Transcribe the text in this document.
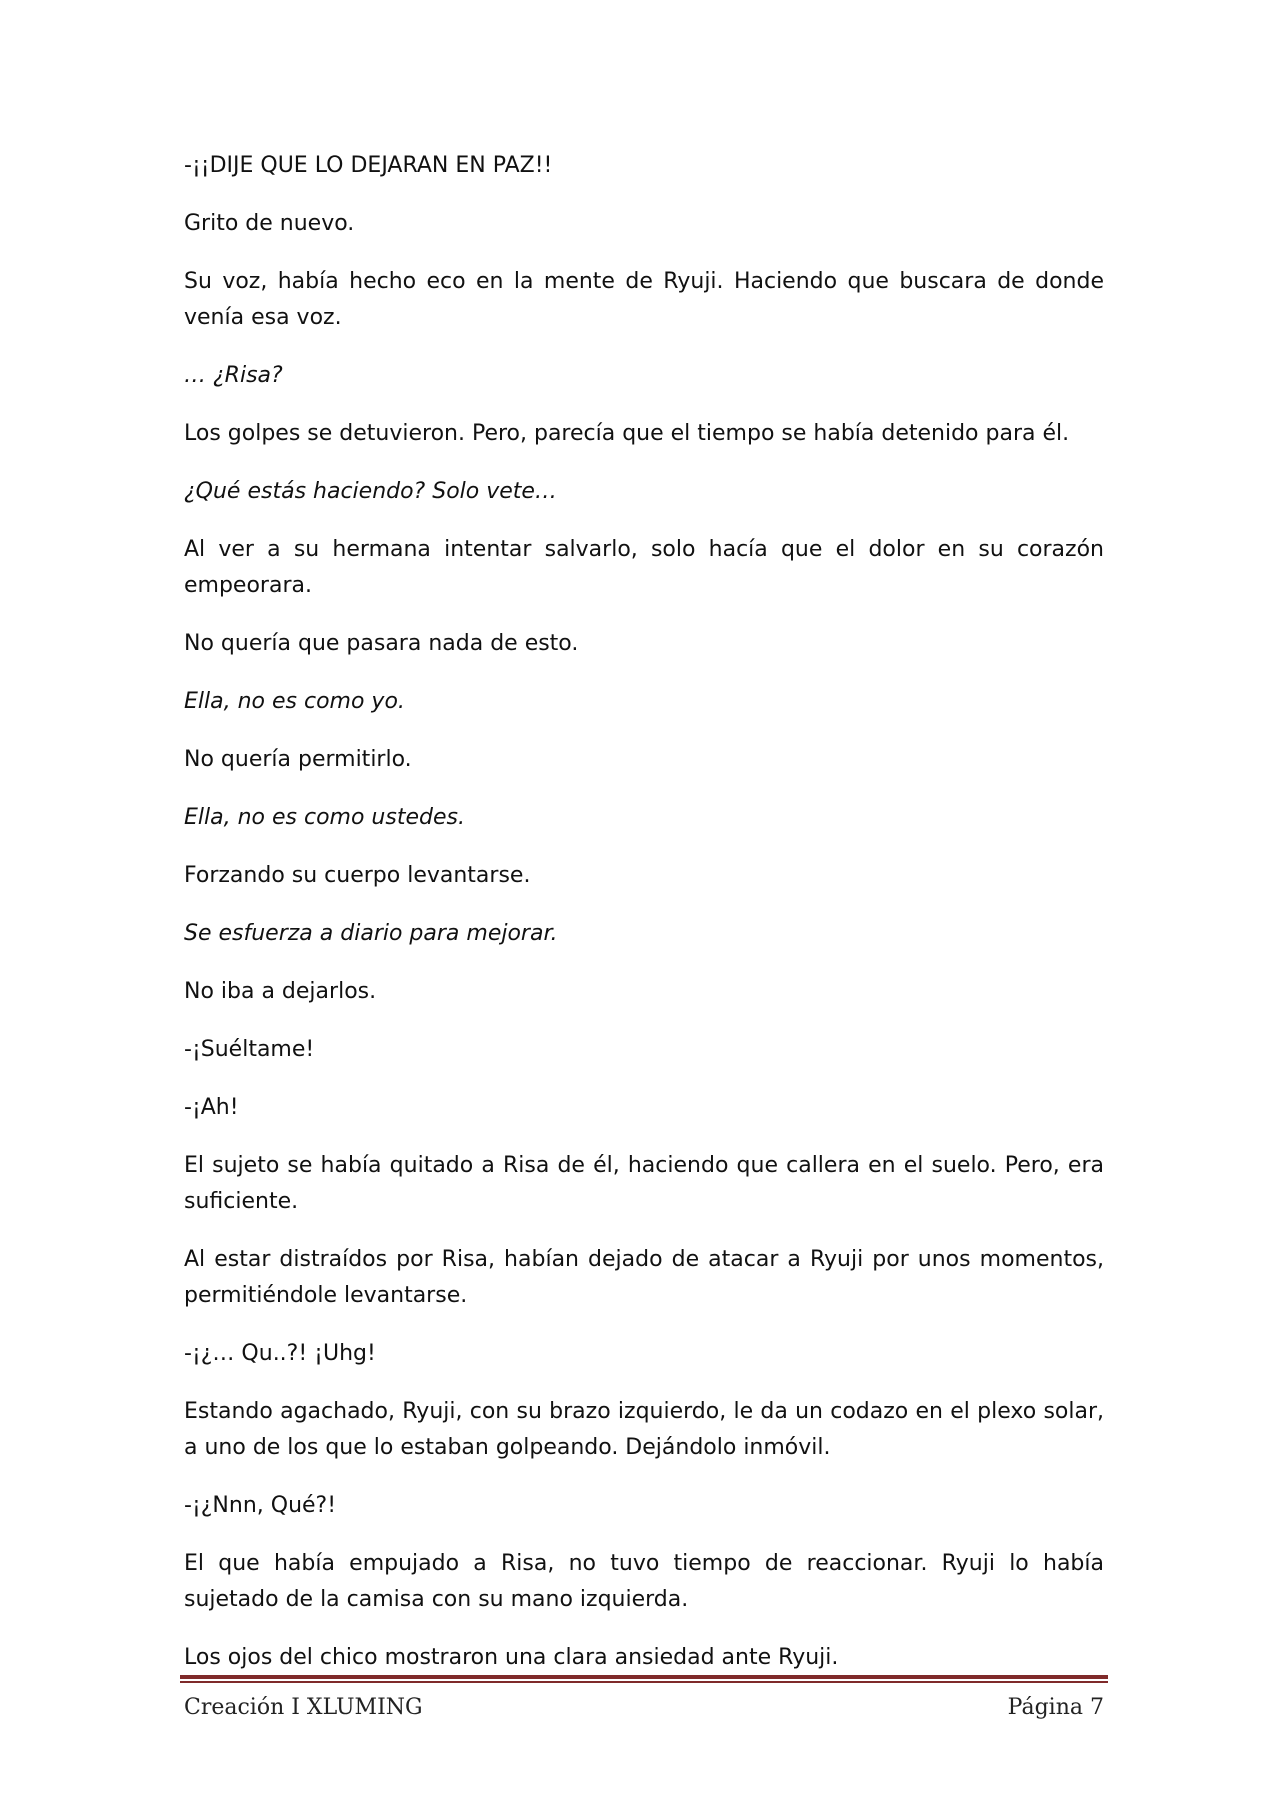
-¡¡DIJE QUE LO DEJARAN EN PAZ!!

Grito de nuevo.

Su voz, había hecho eco en la mente de Ryuji. Haciendo que buscara de donde venía esa voz.

… ¿Risa?

Los golpes se detuvieron. Pero, parecía que el tiempo se había detenido para él.

¿Qué estás haciendo? Solo vete…

Al ver a su hermana intentar salvarlo, solo hacía que el dolor en su corazón empeorara.

No quería que pasara nada de esto.

Ella, no es como yo.

No quería permitirlo.

Ella, no es como ustedes.

Forzando su cuerpo levantarse.

Se esfuerza a diario para mejorar.

No iba a dejarlos.

-¡Suéltame!

-¡Ah!

El sujeto se había quitado a Risa de él, haciendo que callera en el suelo. Pero, era suficiente.

Al estar distraídos por Risa, habían dejado de atacar a Ryuji por unos momentos, permitiéndole levantarse.

-¡¿… Qu..?! ¡Uhg!

Estando agachado, Ryuji, con su brazo izquierdo, le da un codazo en el plexo solar, a uno de los que lo estaban golpeando. Dejándolo inmóvil.

-¡¿Nnn, Qué?!

El que había empujado a Risa, no tuvo tiempo de reaccionar. Ryuji lo había sujetado de la camisa con su mano izquierda.

Los ojos del chico mostraron una clara ansiedad ante Ryuji.

Creación I XLUMING	Página 7
